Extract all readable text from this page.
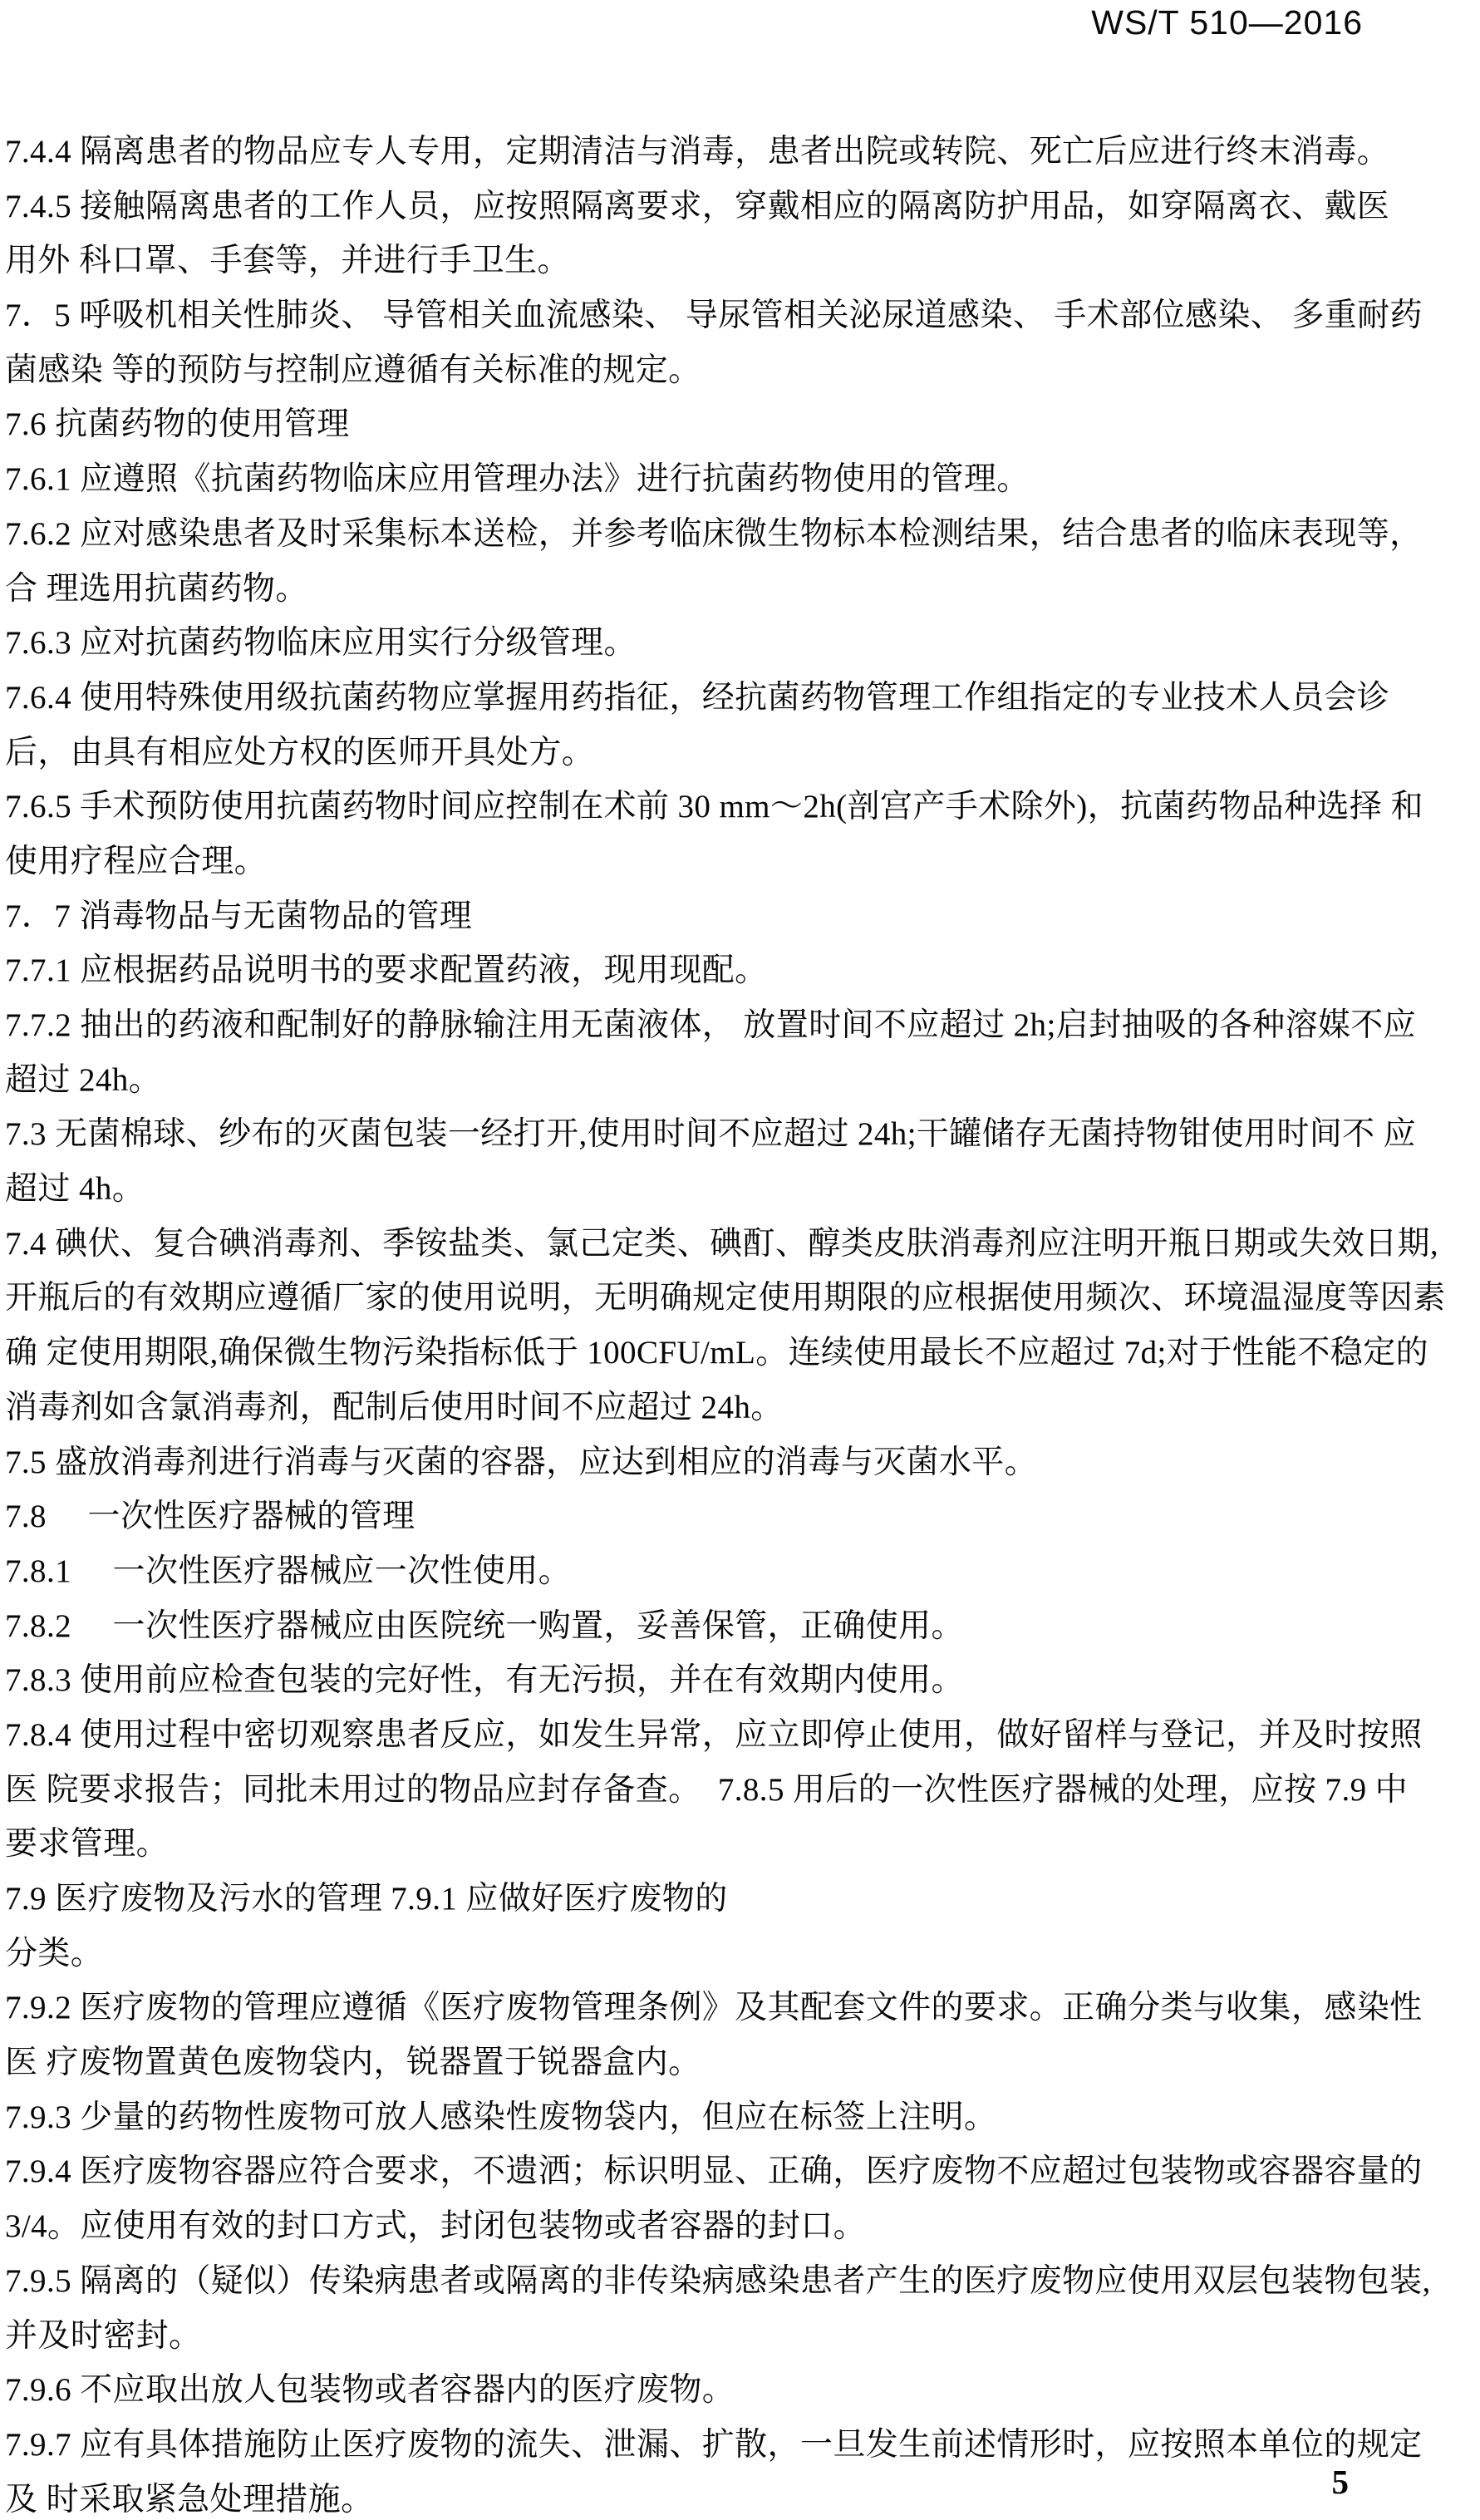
WS/T 510—2016
7.4.4 隔离患者的物品应专人专用，定期清洁与消毒，患者出院或转院、死亡后应进行终末消毒。
7.4.5 接触隔离患者的工作人员，应按照隔离要求，穿戴相应的隔离防护用品，如穿隔离衣、戴医
用外 科口罩、手套等，并进行手卫生。
7．5 呼吸机相关性肺炎、 导管相关血流感染、 导尿管相关泌尿道感染、 手术部位感染、 多重耐药
菌感染 等的预防与控制应遵循有关标准的规定。
7.6 抗菌药物的使用管理
7.6.1 应遵照《抗菌药物临床应用管理办法》进行抗菌药物使用的管理。
7.6.2 应对感染患者及时采集标本送检，并参考临床微生物标本检测结果，结合患者的临床表现等，
合 理选用抗菌药物。
7.6.3 应对抗菌药物临床应用实行分级管理。
7.6.4 使用特殊使用级抗菌药物应掌握用药指征，经抗菌药物管理工作组指定的专业技术人员会诊
后，由具有相应处方权的医师开具处方。
7.6.5 手术预防使用抗菌药物时间应控制在术前 30 mm～2h(剖宫产手术除外)，抗菌药物品种选择 和
使用疗程应合理。
7．7 消毒物品与无菌物品的管理
7.7.1 应根据药品说明书的要求配置药液，现用现配。
7.7.2 抽出的药液和配制好的静脉输注用无菌液体， 放置时间不应超过 2h;启封抽吸的各种溶媒不应
超过 24h。
7.3 无菌棉球、纱布的灭菌包装一经打开,使用时间不应超过 24h;干罐储存无菌持物钳使用时间不 应
超过 4h。
7.4 碘伏、复合碘消毒剂、季铵盐类、氯己定类、碘酊、醇类皮肤消毒剂应注明开瓶日期或失效日期,
开瓶后的有效期应遵循厂家的使用说明，无明确规定使用期限的应根据使用频次、环境温湿度等因素
确 定使用期限,确保微生物污染指标低于 100CFU/mL。连续使用最长不应超过 7d;对于性能不稳定的
消毒剂如含氯消毒剂，配制后使用时间不应超过 24h。
7.5 盛放消毒剂进行消毒与灭菌的容器，应达到相应的消毒与灭菌水平。
7.8　 一次性医疗器械的管理
7.8.1　 一次性医疗器械应一次性使用。
7.8.2　 一次性医疗器械应由医院统一购置，妥善保管，正确使用。
7.8.3 使用前应检查包装的完好性，有无污损，并在有效期内使用。
7.8.4 使用过程中密切观察患者反应，如发生异常，应立即停止使用，做好留样与登记，并及时按照
医 院要求报告；同批未用过的物品应封存备查。  7.8.5 用后的一次性医疗器械的处理，应按 7.9 中
要求管理。
7.9 医疗废物及污水的管理 7.9.1 应做好医疗废物的
分类。
7.9.2 医疗废物的管理应遵循《医疗废物管理条例》及其配套文件的要求。正确分类与收集，感染性
医 疗废物置黄色废物袋内，锐器置于锐器盒内。
7.9.3 少量的药物性废物可放人感染性废物袋内，但应在标签上注明。
7.9.4 医疗废物容器应符合要求，不遗洒；标识明显、正确，医疗废物不应超过包装物或容器容量的
3/4。应使用有效的封口方式，封闭包装物或者容器的封口。
7.9.5 隔离的（疑似）传染病患者或隔离的非传染病感染患者产生的医疗废物应使用双层包装物包装,
并及时密封。
7.9.6 不应取出放人包装物或者容器内的医疗废物。
7.9.7 应有具体措施防止医疗废物的流失、泄漏、扩散，一旦发生前述情形时，应按照本单位的规定
及 时采取紧急处理措施。	5
